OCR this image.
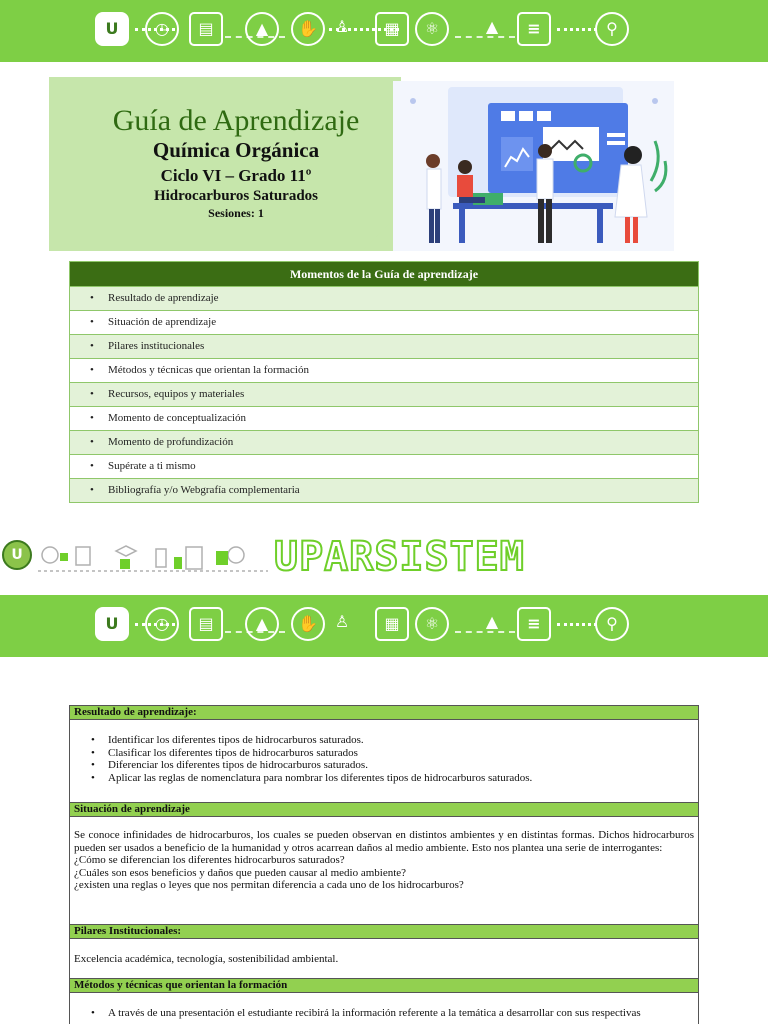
U	◷	▤	▲	✋	♙	▦	⚛	▲	≡	⚲
Guía de Aprendizaje
Química Orgánica
Ciclo VI – Grado 11º
Hidrocarburos Saturados
Sesiones: 1
Momentos de la Guía de aprendizaje
• Resultado de aprendizaje
• Situación de aprendizaje
• Pilares institucionales
• Métodos y técnicas que orientan la formación
• Recursos, equipos y materiales
• Momento de conceptualización
• Momento de profundización
• Supérate a ti mismo
• Bibliografía y/o Webgrafía complementaria
U	UPARSISTEM
U	◷	▤	▲	✋	♙	▦	⚛	▲	≡	⚲
Resultado de aprendizaje:
• Identificar los diferentes tipos de hidrocarburos saturados.
• Clasificar los diferentes tipos de hidrocarburos saturados
• Diferenciar los diferentes tipos de hidrocarburos saturados.
• Aplicar las reglas de nomenclatura para nombrar los diferentes tipos de hidrocarburos saturados.
Situación de aprendizaje
Se conoce infinidades de hidrocarburos, los cuales se pueden observan en distintos ambientes y en distintas formas. Dichos hidrocarburos pueden ser usados a beneficio de la humanidad y otros acarrean daños al medio ambiente. Esto nos plantea una serie de interrogantes:
¿Cómo se diferencian los diferentes hidrocarburos saturados?
¿Cuáles son esos beneficios y daños que pueden causar al medio ambiente?
¿existen una reglas o leyes que nos permitan diferencia a cada uno de los hidrocarburos?
Pilares Institucionales:
Excelencia académica, tecnología, sostenibilidad ambiental.
Métodos y técnicas que orientan la formación
• A través de una presentación el estudiante recibirá la información referente a la temática a desarrollar con sus respectivas
